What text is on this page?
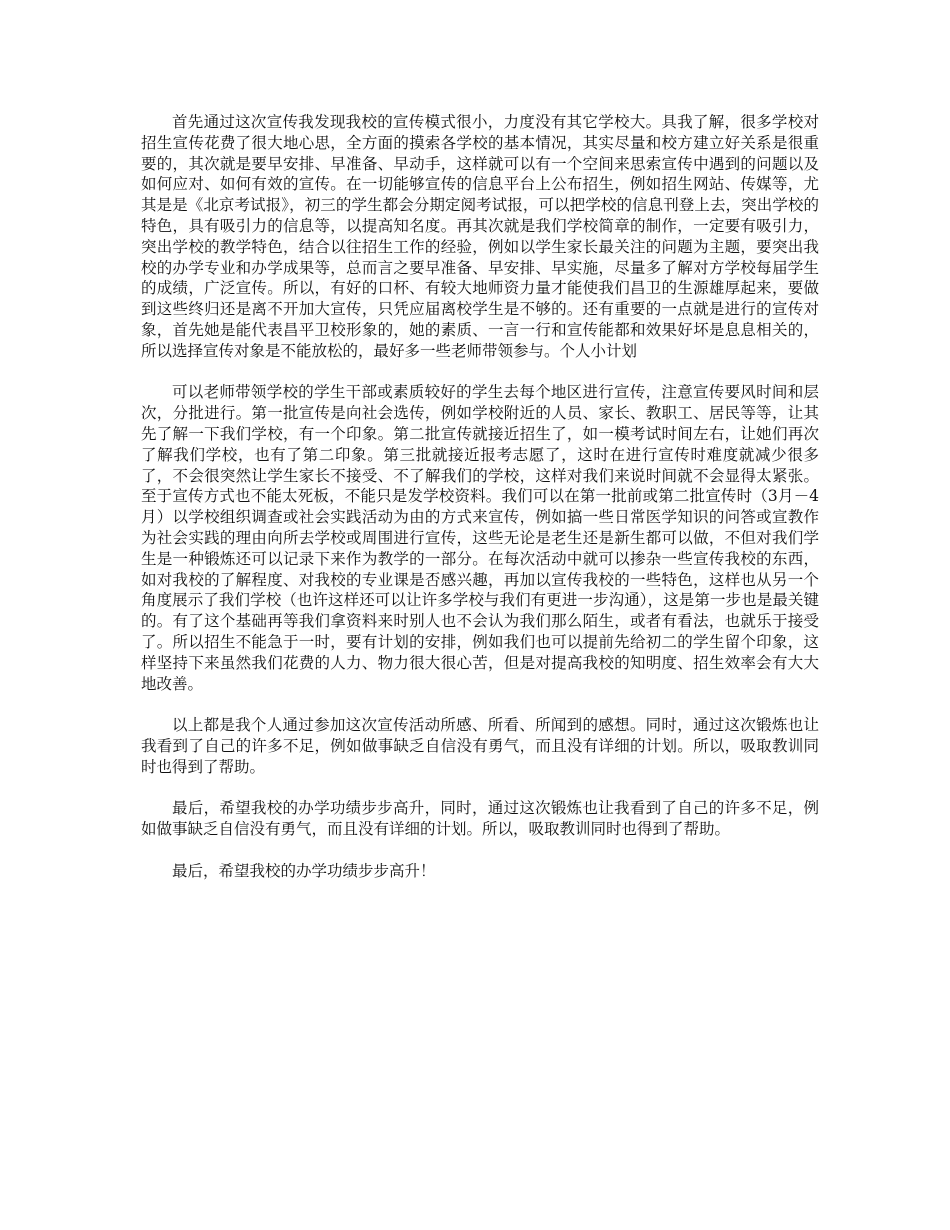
首先通过这次宣传我发现我校的宣传模式很小，力度没有其它学校大。具我了解，很多学校对招生宣传花费了很大地心思，全方面的摸索各学校的基本情况，其实尽量和校方建立好关系是很重要的，其次就是要早安排、早准备、早动手，这样就可以有一个空间来思索宣传中遇到的问题以及如何应对、如何有效的宣传。在一切能够宣传的信息平台上公布招生，例如招生网站、传媒等，尤其是是《北京考试报》，初三的学生都会分期定阅考试报，可以把学校的信息刊登上去，突出学校的特色，具有吸引力的信息等，以提高知名度。再其次就是我们学校简章的制作，一定要有吸引力，突出学校的教学特色，结合以往招生工作的经验，例如以学生家长最关注的问题为主题，要突出我校的办学专业和办学成果等，总而言之要早准备、早安排、早实施，尽量多了解对方学校每届学生的成绩，广泛宣传。所以，有好的口杯、有较大地师资力量才能使我们昌卫的生源雄厚起来，要做到这些终归还是离不开加大宣传，只凭应届离校学生是不够的。还有重要的一点就是进行的宣传对象，首先她是能代表昌平卫校形象的，她的素质、一言一行和宣传能都和效果好坏是息息相关的，所以选择宣传对象是不能放松的，最好多一些老师带领参与。个人小计划

可以老师带领学校的学生干部或素质较好的学生去每个地区进行宣传，注意宣传要风时间和层次，分批进行。第一批宣传是向社会选传，例如学校附近的人员、家长、教职工、居民等等，让其先了解一下我们学校，有一个印象。第二批宣传就接近招生了，如一模考试时间左右，让她们再次了解我们学校，也有了第二印象。第三批就接近报考志愿了，这时在进行宣传时难度就减少很多了，不会很突然让学生家长不接受、不了解我们的学校，这样对我们来说时间就不会显得太紧张。至于宣传方式也不能太死板，不能只是发学校资料。我们可以在第一批前或第二批宣传时（3月－4月）以学校组织调查或社会实践活动为由的方式来宣传，例如搞一些日常医学知识的问答或宣教作为社会实践的理由向所去学校或周围进行宣传，这些无论是老生还是新生都可以做，不但对我们学生是一种锻炼还可以记录下来作为教学的一部分。在每次活动中就可以掺杂一些宣传我校的东西，如对我校的了解程度、对我校的专业课是否感兴趣，再加以宣传我校的一些特色，这样也从另一个角度展示了我们学校（也许这样还可以让许多学校与我们有更进一步沟通），这是第一步也是最关键的。有了这个基础再等我们拿资料来时别人也不会认为我们那么陌生，或者有看法，也就乐于接受了。所以招生不能急于一时，要有计划的安排，例如我们也可以提前先给初二的学生留个印象，这样坚持下来虽然我们花费的人力、物力很大很心苦，但是对提高我校的知明度、招生效率会有大大地改善。

以上都是我个人通过参加这次宣传活动所感、所看、所闻到的感想。同时，通过这次锻炼也让我看到了自己的许多不足，例如做事缺乏自信没有勇气，而且没有详细的计划。所以，吸取教训同时也得到了帮助。

最后，希望我校的办学功绩步步高升，同时，通过这次锻炼也让我看到了自己的许多不足，例如做事缺乏自信没有勇气，而且没有详细的计划。所以，吸取教训同时也得到了帮助。

最后，希望我校的办学功绩步步高升！
